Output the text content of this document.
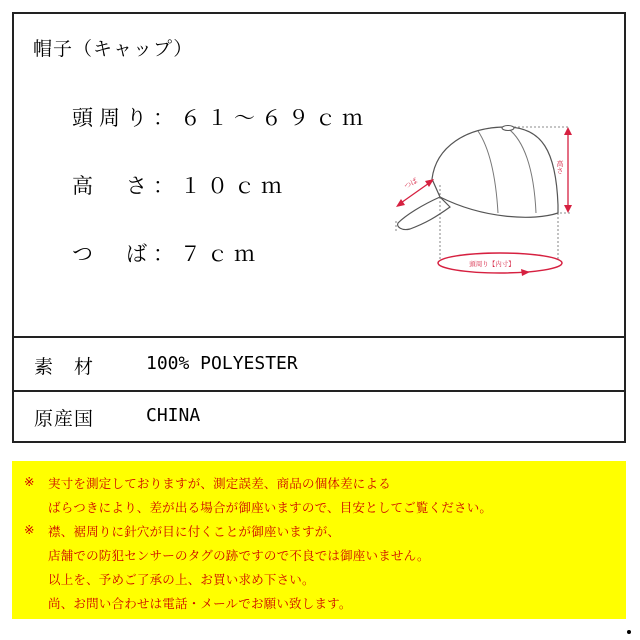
帽子（キャップ）
頭周り：６１～６９ｃｍ
高　さ：１０ｃｍ
つ　ば：７ｃｍ
高さ
つば
頭周り【内寸】
素　材	100% POLYESTER
原産国	CHINA
※ 実寸を測定しておりますが、測定誤差、商品の個体差による
ばらつきにより、差が出る場合が御座いますので、目安としてご覧ください。
※ 襟、裾周りに針穴が目に付くことが御座いますが、
店舗での防犯センサーのタグの跡ですので不良では御座いません。
以上を、予めご了承の上、お買い求め下さい。
尚、お問い合わせは電話・メールでお願い致します。
